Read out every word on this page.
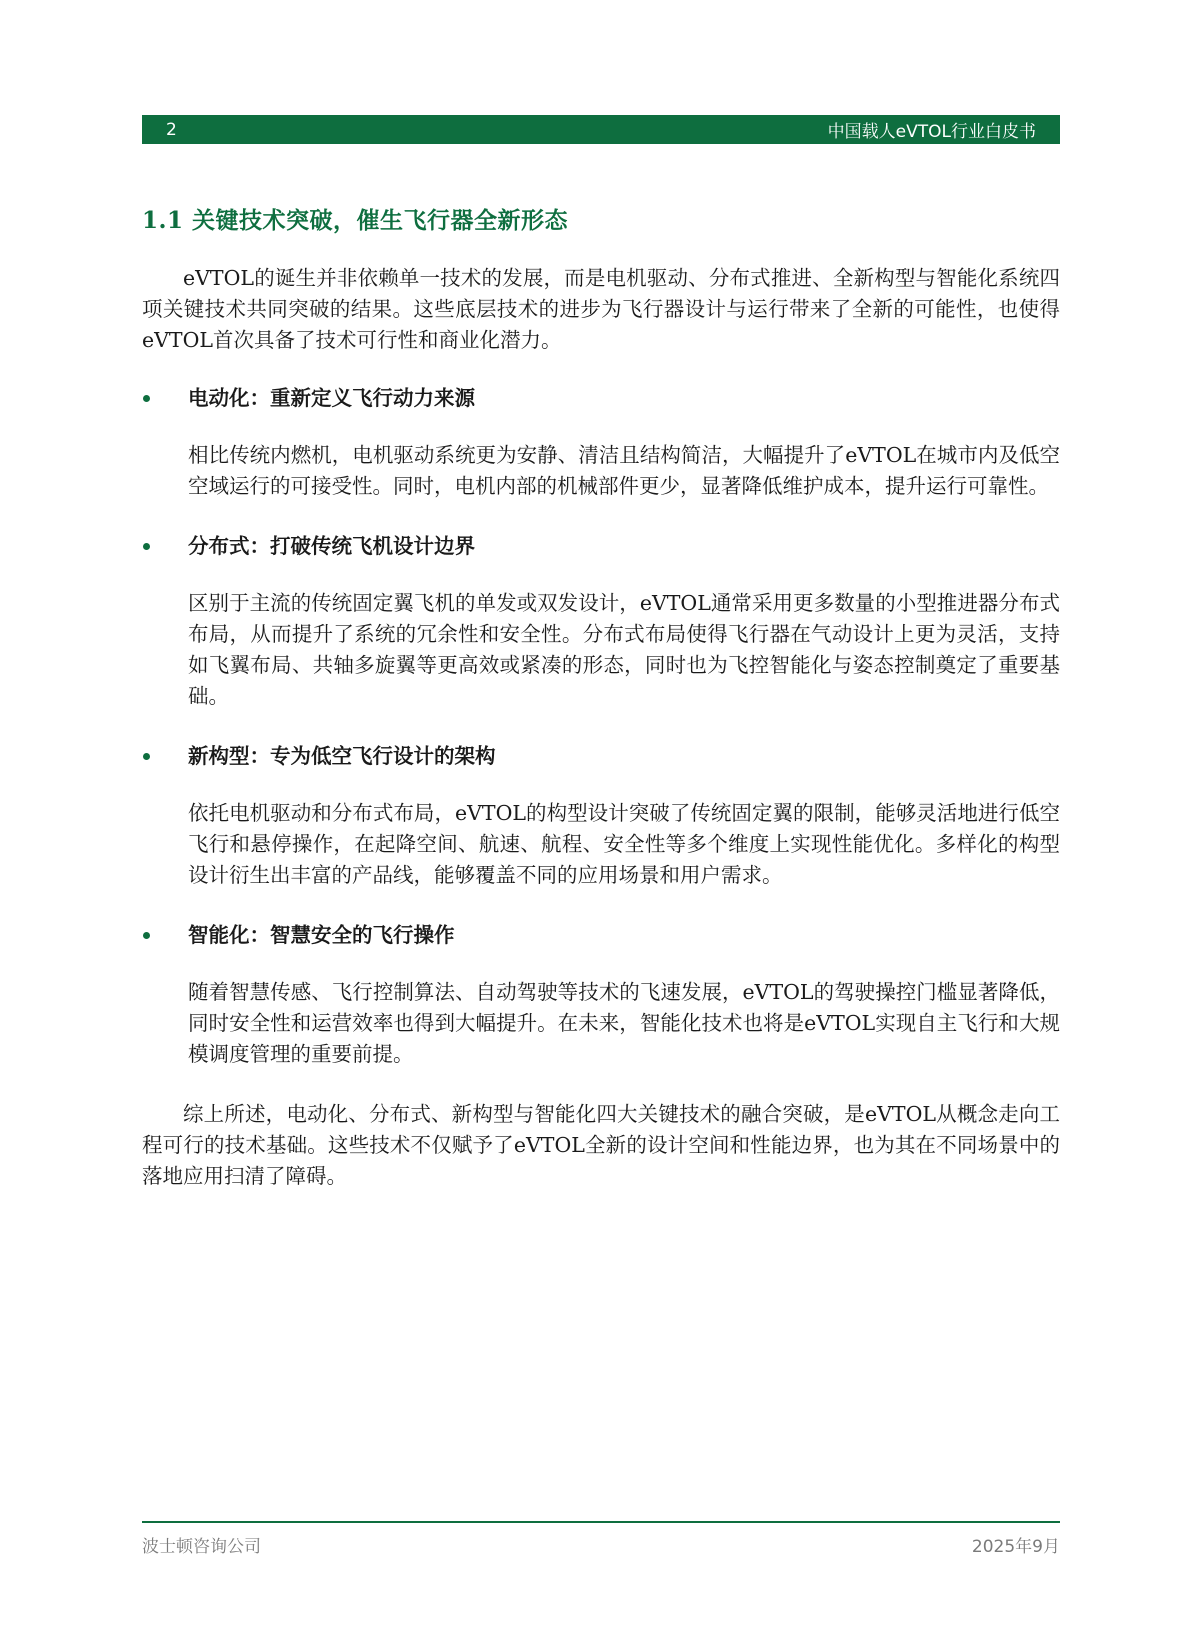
2	中国载人eVTOL行业白皮书
1.1 关键技术突破，催生飞行器全新形态

eVTOL的诞生并非依赖单一技术的发展，而是电机驱动、分布式推进、全新构型与智能化系统四项关键技术共同突破的结果。这些底层技术的进步为飞行器设计与运行带来了全新的可能性，也使得eVTOL首次具备了技术可行性和商业化潜力。

电动化：重新定义飞行动力来源

相比传统内燃机，电机驱动系统更为安静、清洁且结构简洁，大幅提升了eVTOL在城市内及低空空域运行的可接受性。同时，电机内部的机械部件更少，显著降低维护成本，提升运行可靠性。

分布式：打破传统飞机设计边界

区别于主流的传统固定翼飞机的单发或双发设计，eVTOL通常采用更多数量的小型推进器分布式布局，从而提升了系统的冗余性和安全性。分布式布局使得飞行器在气动设计上更为灵活，支持如飞翼布局、共轴多旋翼等更高效或紧凑的形态，同时也为飞控智能化与姿态控制奠定了重要基础。

新构型：专为低空飞行设计的架构

依托电机驱动和分布式布局，eVTOL的构型设计突破了传统固定翼的限制，能够灵活地进行低空飞行和悬停操作，在起降空间、航速、航程、安全性等多个维度上实现性能优化。多样化的构型设计衍生出丰富的产品线，能够覆盖不同的应用场景和用户需求。

智能化：智慧安全的飞行操作

随着智慧传感、飞行控制算法、自动驾驶等技术的飞速发展，eVTOL的驾驶操控门槛显著降低，同时安全性和运营效率也得到大幅提升。在未来，智能化技术也将是eVTOL实现自主飞行和大规模调度管理的重要前提。

综上所述，电动化、分布式、新构型与智能化四大关键技术的融合突破，是eVTOL从概念走向工程可行的技术基础。这些技术不仅赋予了eVTOL全新的设计空间和性能边界，也为其在不同场景中的落地应用扫清了障碍。

波士顿咨询公司	2025年9月
